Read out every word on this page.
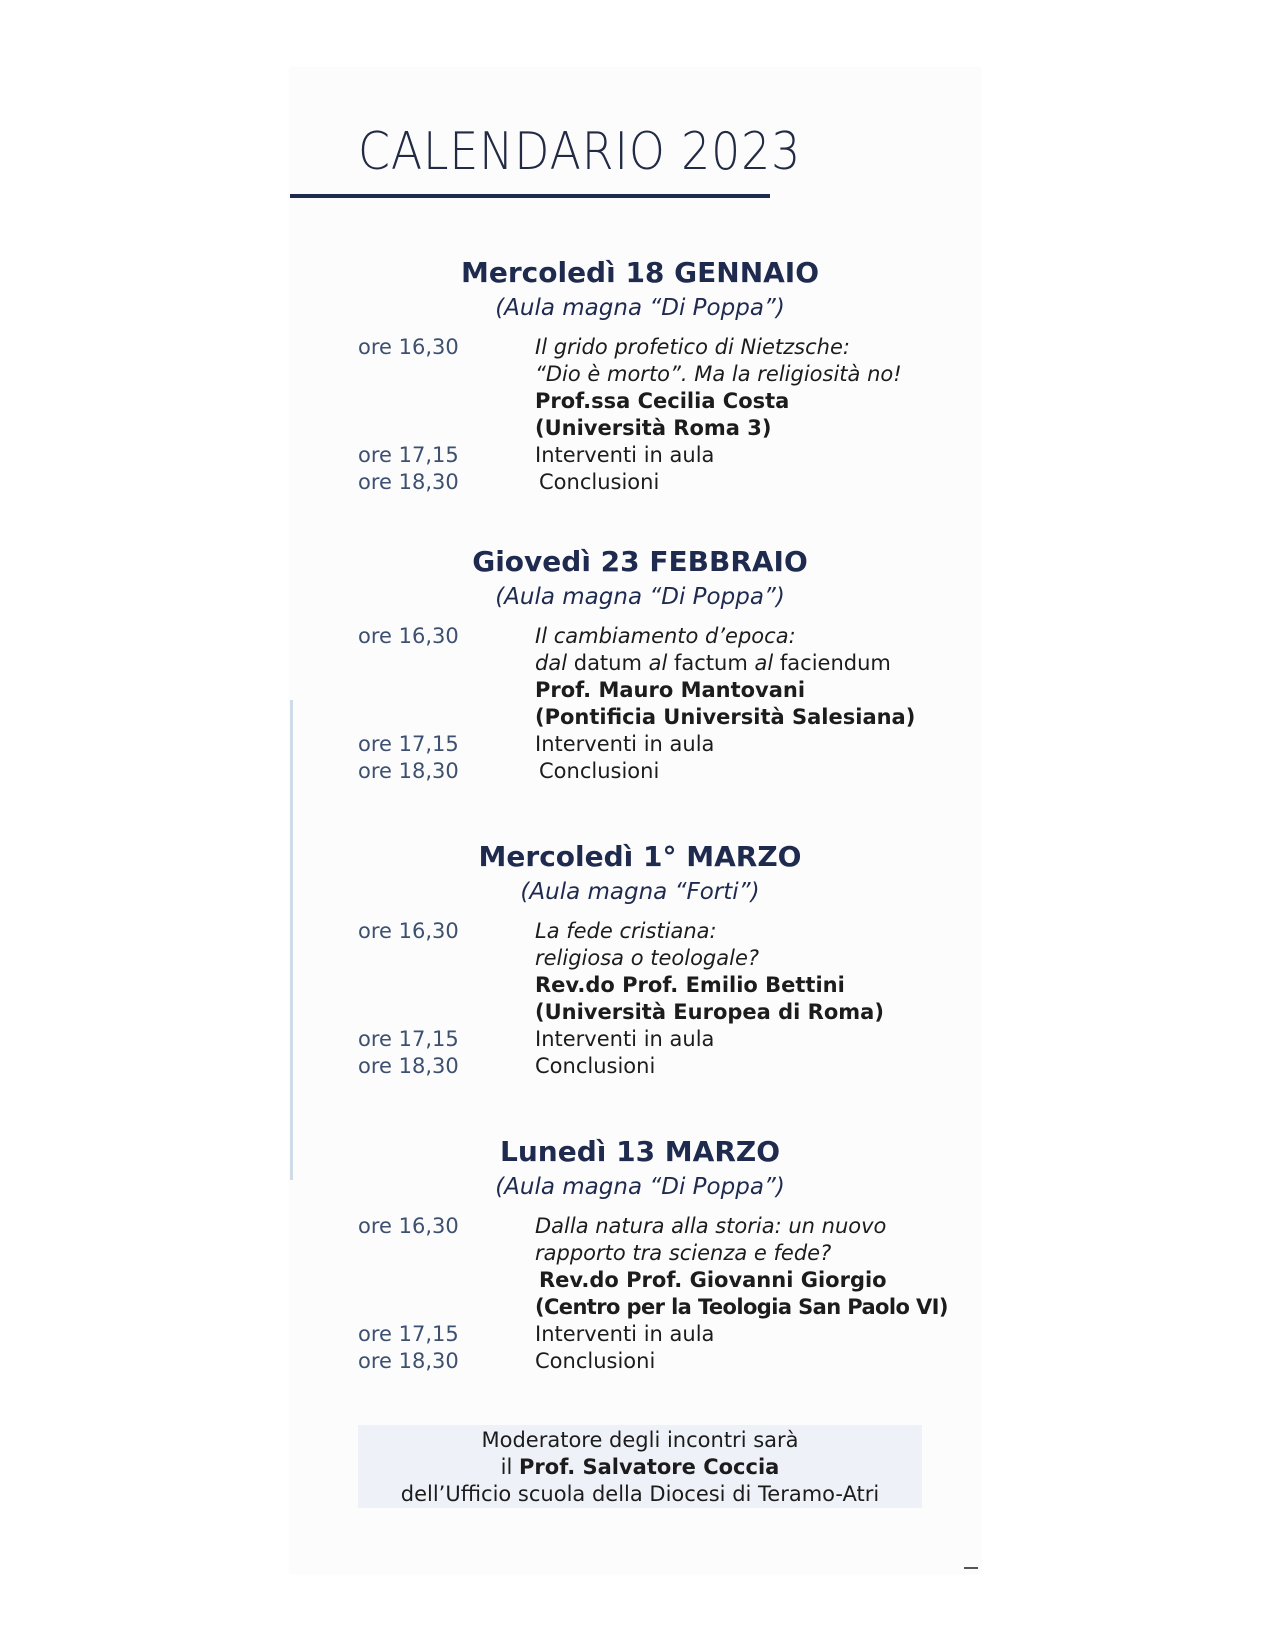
CALENDARIO 2023
Mercoledì 18 GENNAIO
(Aula magna “Di Poppa”)
ore 16,30	Il grido profetico di Nietzsche:
“Dio è morto”. Ma la religiosità no!
Prof.ssa Cecilia Costa
(Università Roma 3)
ore 17,15	Interventi in aula
ore 18,30	Conclusioni
Giovedì 23 FEBBRAIO
(Aula magna “Di Poppa”)
ore 16,30	Il cambiamento d’epoca:
dal datum al factum al faciendum
Prof. Mauro Mantovani
(Pontificia Università Salesiana)
ore 17,15	Interventi in aula
ore 18,30	Conclusioni
Mercoledì 1° MARZO
(Aula magna “Forti”)
ore 16,30	La fede cristiana:
religiosa o teologale?
Rev.do Prof. Emilio Bettini
(Università Europea di Roma)
ore 17,15	Interventi in aula
ore 18,30	Conclusioni
Lunedì 13 MARZO
(Aula magna “Di Poppa”)
ore 16,30	Dalla natura alla storia: un nuovo
rapporto tra scienza e fede?
Rev.do Prof. Giovanni Giorgio
(Centro per la Teologia San Paolo VI)
ore 17,15	Interventi in aula
ore 18,30	Conclusioni
Moderatore degli incontri sarà
il Prof. Salvatore Coccia
dell’Ufficio scuola della Diocesi di Teramo-Atri
